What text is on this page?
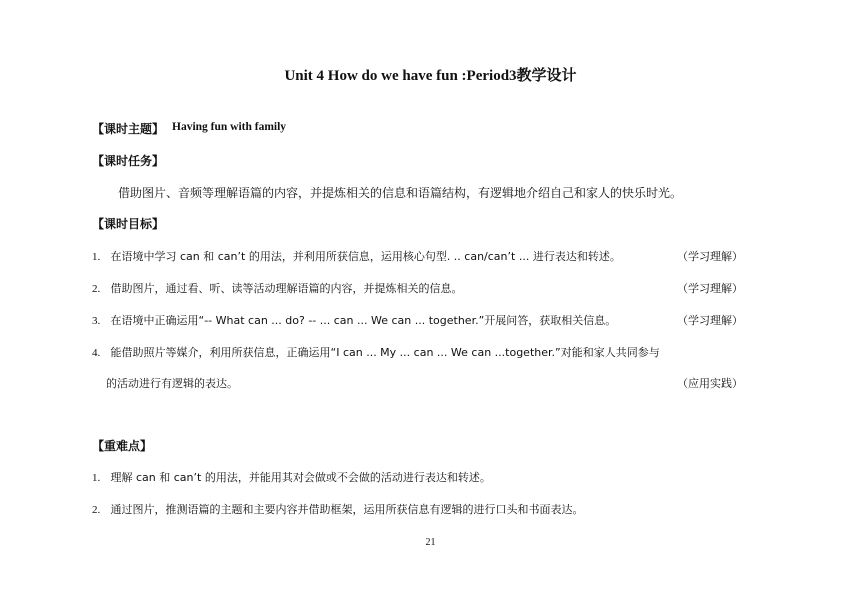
Unit 4 How do we have fun :Period3教学设计
【课时主题】 Having fun with family
【课时任务】
借助图片、音频等理解语篇的内容，并提炼相关的信息和语篇结构，有逻辑地介绍自己和家人的快乐时光。
【课时目标】
1. 在语境中学习 can 和 can’t 的用法，并利用所获信息，运用核心句型. .. can/can’t ... 进行表达和转述。	（学习理解）
2. 借助图片，通过看、听、读等活动理解语篇的内容，并提炼相关的信息。	（学习理解）
3. 在语境中正确运用“-- What can ... do? -- ... can ... We can ... together.”开展问答，获取相关信息。	（学习理解）
4. 能借助照片等媒介，利用所获信息，正确运用“I can ... My ... can ... We can ...together.”对能和家人共同参与
的活动进行有逻辑的表达。	（应用实践）
【重难点】
1. 理解 can 和 can’t 的用法，并能用其对会做或不会做的活动进行表达和转述。
2. 通过图片，推测语篇的主题和主要内容并借助框架，运用所获信息有逻辑的进行口头和书面表达。
21
